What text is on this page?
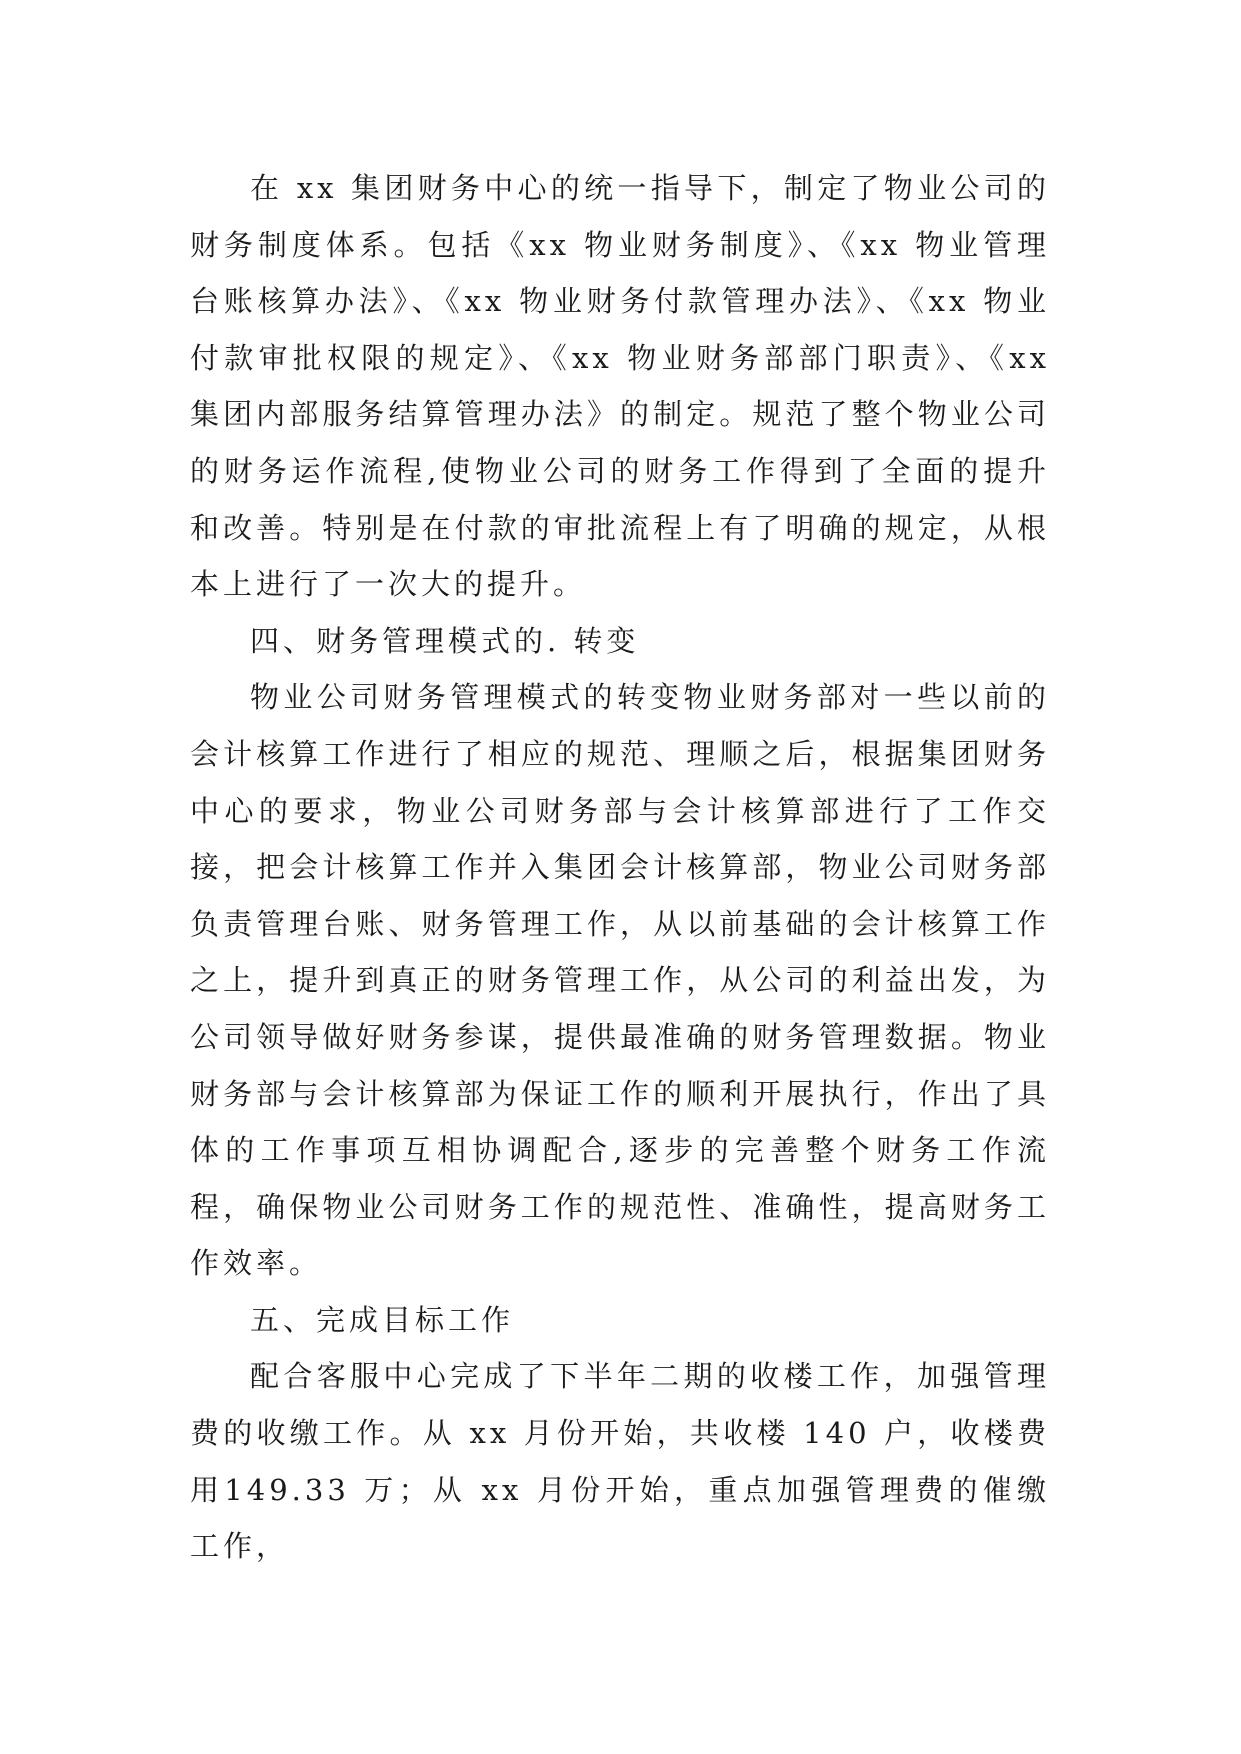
在 xx 集团财务中心的统一指导下，制定了物业公司的财务制度体系。包括《xx 物业财务制度》、《xx 物业管理台账核算办法》、《xx 物业财务付款管理办法》、《xx 物业付款审批权限的规定》、《xx 物业财务部部门职责》、《xx 集团内部服务结算管理办法》的制定。规范了整个物业公司的财务运作流程,使物业公司的财务工作得到了全面的提升和改善。特别是在付款的审批流程上有了明确的规定，从根本上进行了一次大的提升。

四、财务管理模式的. 转变

物业公司财务管理模式的转变物业财务部对一些以前的会计核算工作进行了相应的规范、理顺之后，根据集团财务中心的要求，物业公司财务部与会计核算部进行了工作交接，把会计核算工作并入集团会计核算部，物业公司财务部负责管理台账、财务管理工作，从以前基础的会计核算工作之上，提升到真正的财务管理工作，从公司的利益出发，为公司领导做好财务参谋，提供最准确的财务管理数据。物业财务部与会计核算部为保证工作的顺利开展执行，作出了具体的工作事项互相协调配合,逐步的完善整个财务工作流程，确保物业公司财务工作的规范性、准确性，提高财务工作效率。

五、完成目标工作

配合客服中心完成了下半年二期的收楼工作，加强管理费的收缴工作。从 xx 月份开始，共收楼 140 户，收楼费用149.33 万；从 xx 月份开始，重点加强管理费的催缴工作，
